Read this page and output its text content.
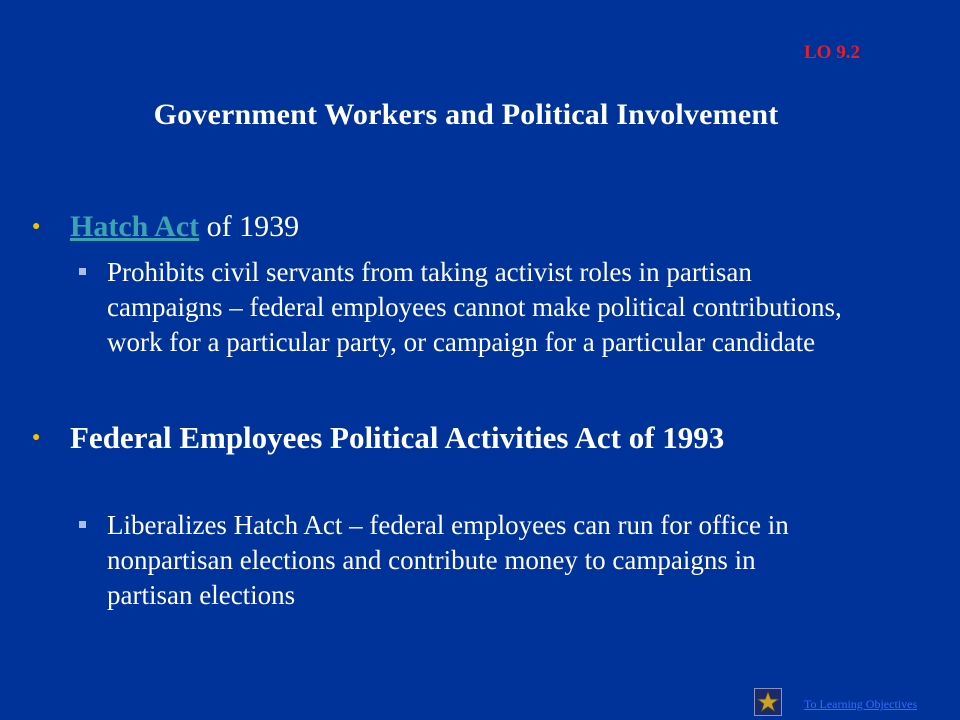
LO 9.2
Government Workers and Political Involvement
● Hatch Act of 1939
Prohibits civil servants from taking activist roles in partisan campaigns – federal employees cannot make political contributions, work for a particular party, or campaign for a particular candidate
● Federal Employees Political Activities Act of 1993
Liberalizes Hatch Act – federal employees can run for office in nonpartisan elections and contribute money to campaigns in partisan elections
To Learning Objectives
